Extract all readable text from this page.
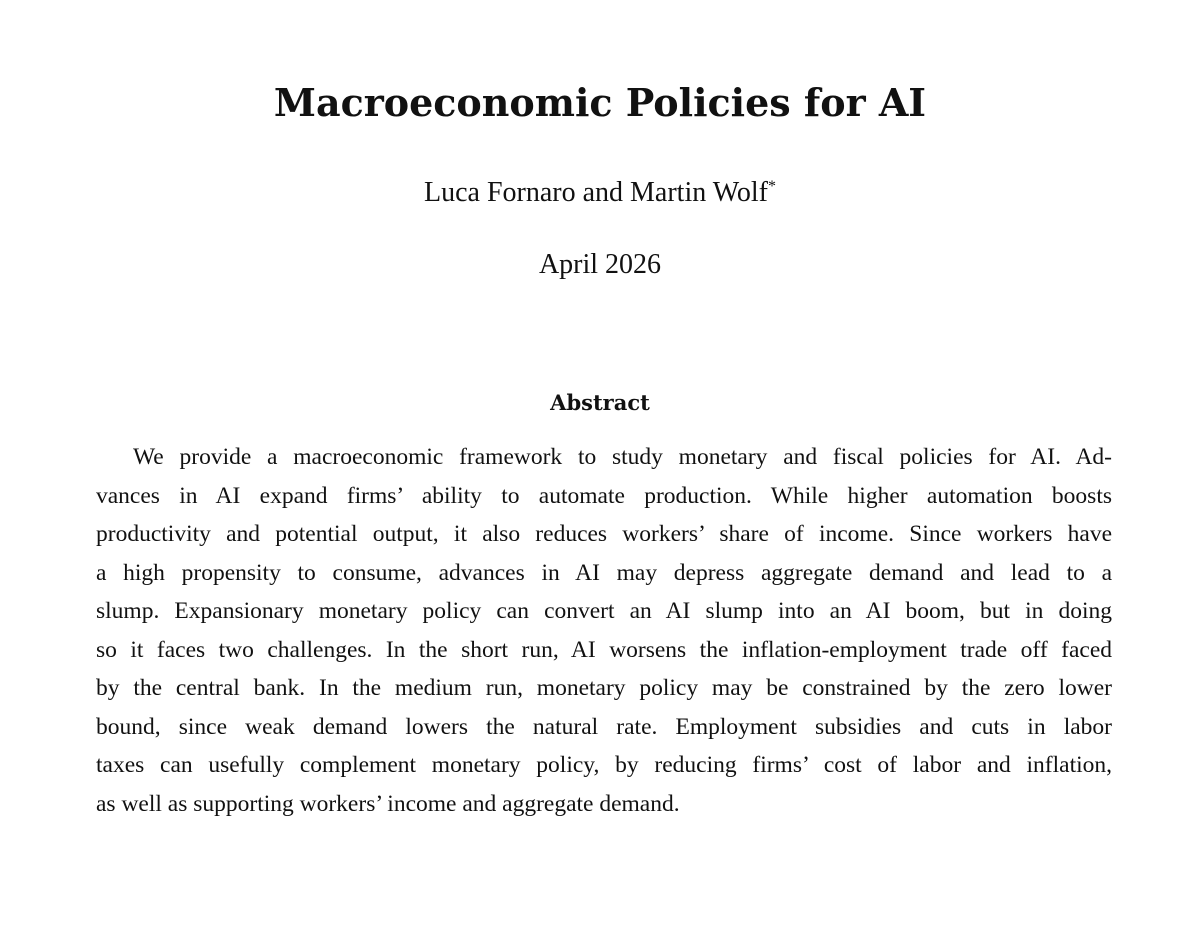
Macroeconomic Policies for AI
Luca Fornaro and Martin Wolf*
April 2026
Abstract
We provide a macroeconomic framework to study monetary and fiscal policies for AI. Ad-
vances in AI expand firms’ ability to automate production. While higher automation boosts
productivity and potential output, it also reduces workers’ share of income. Since workers have
a high propensity to consume, advances in AI may depress aggregate demand and lead to a
slump. Expansionary monetary policy can convert an AI slump into an AI boom, but in doing
so it faces two challenges. In the short run, AI worsens the inflation-employment trade off faced
by the central bank. In the medium run, monetary policy may be constrained by the zero lower
bound, since weak demand lowers the natural rate. Employment subsidies and cuts in labor
taxes can usefully complement monetary policy, by reducing firms’ cost of labor and inflation,
as well as supporting workers’ income and aggregate demand.
